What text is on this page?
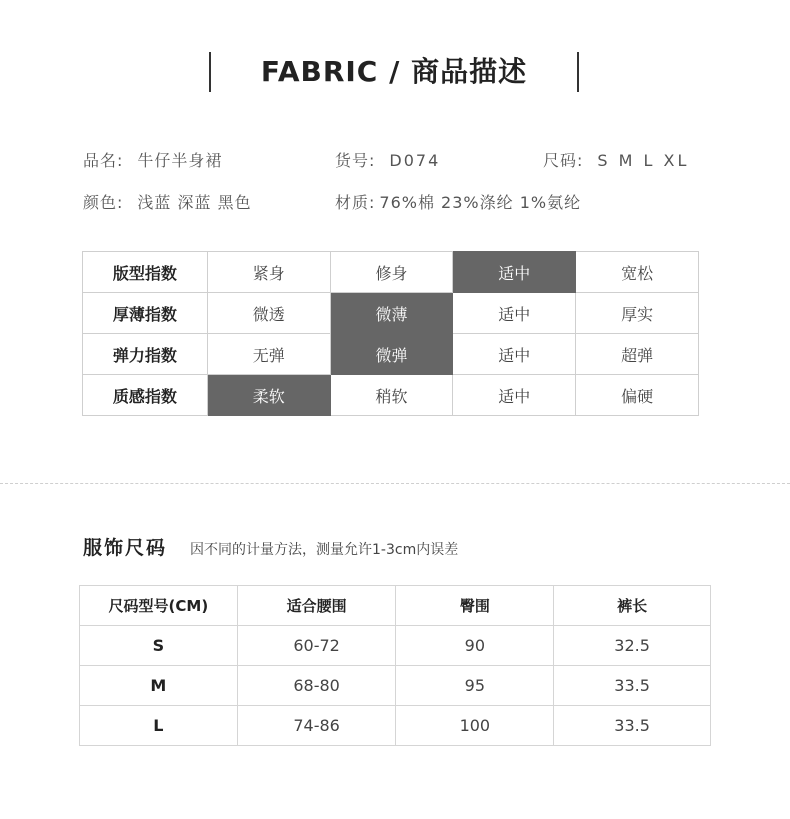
FABRIC / 商品描述
品名: 牛仔半身裙	货号: D074	尺码: S M L XL
颜色: 浅蓝 深蓝 黑色	材质: 76%棉 23%涤纶 1%氨纶
版型指数	紧身	修身	适中	宽松
厚薄指数	微透	微薄	适中	厚实
弹力指数	无弹	微弹	适中	超弹
质感指数	柔软	稍软	适中	偏硬
服饰尺码 因不同的计量方法，测量允许1-3cm内误差
尺码型号(CM)	适合腰围	臀围	裤长
S	60-72	90	32.5
M	68-80	95	33.5
L	74-86	100	33.5
